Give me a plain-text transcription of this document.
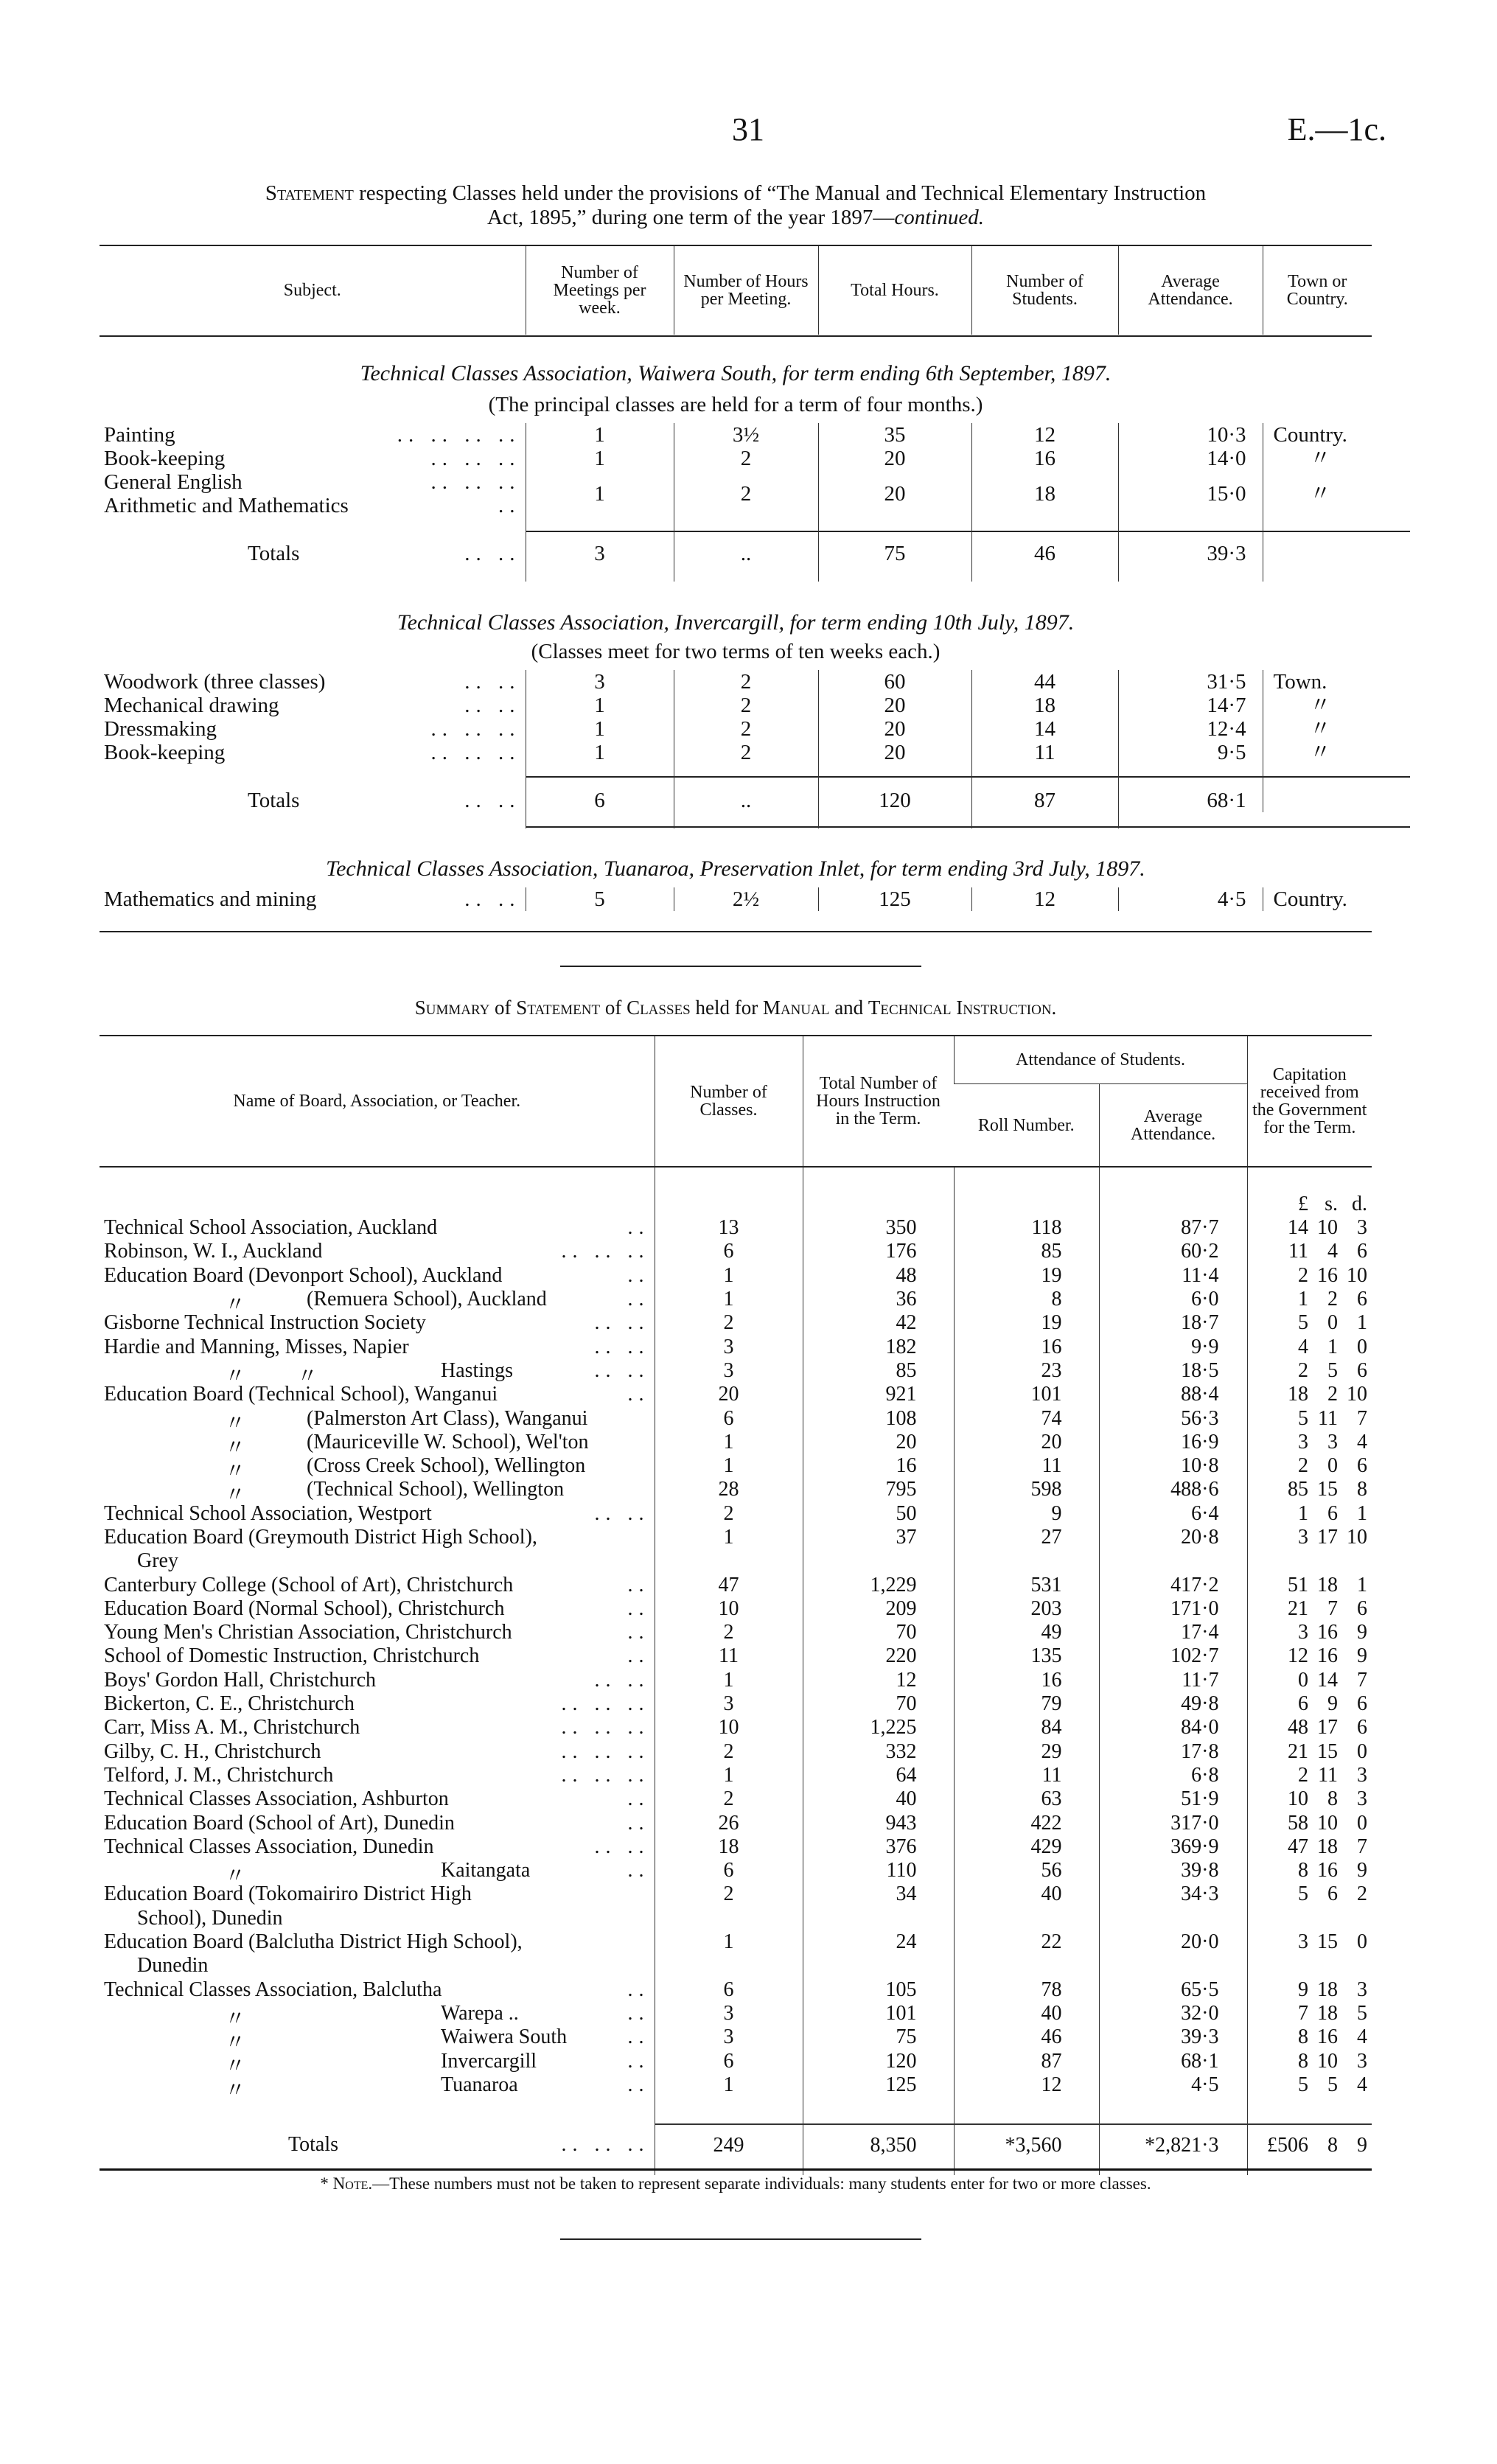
31	E.—1c.
Statement respecting Classes held under the provisions of “The Manual and Technical Elementary Instruction
Act, 1895,” during one term of the year 1897—continued.
Subject.	Number of Meetings per week.	Number of Hours per Meeting.	Total Hours.	Number of Students.	Average Attendance.	Town or Country.
Technical Classes Association, Waiwera South, for term ending 6th September, 1897.
(The principal classes are held for a term of four months.)
Painting .. .. .. ..	1	3½	35	12	10·3	Country.

Book-keeping .. .. ..	1	2	20	16	14·0	〃

General English .. .. ..
Arithmetic and Mathematics ..	1	2	20	18	15·0	〃

Totals .. ..	3	..	75	46	39·3	

Technical Classes Association, Invercargill, for term ending 10th July, 1897.
(Classes meet for two terms of ten weeks each.)
Woodwork (three classes) .. ..	3	2	60	44	31·5	Town.

Mechanical drawing .. ..	1	2	20	18	14·7	〃

Dressmaking .. .. ..	1	2	20	14	12·4	〃

Book-keeping .. .. ..	1	2	20	11	9·5	〃

Totals .. ..	6	..	120	87	68·1	

Technical Classes Association, Tuanaroa, Preservation Inlet, for term ending 3rd July, 1897.
Mathematics and mining	.. ..	5	2½	125	12	4·5	Country.
Summary of Statement of Classes held for Manual and Technical Instruction.
Name of Board, Association, or Teacher.	Number of Classes.	Total Number of Hours Instruction in the Term.	Attendance of Students.		Capitation received from the Government for the Term.
			Roll Number.	Average Attendance.	

					£ s. d.

Technical School Association, Auckland ..	13	350	118	87·7	14 10 3

Robinson, W. I., Auckland .. .. ..	6	176	85	60·2	11 4 6

Education Board (Devonport School), Auckland ..	1	48	19	11·4	2 16 10

〃 (Remuera School), Auckland ..	1	36	8	6·0	1 2 6

Gisborne Technical Instruction Society .. ..	2	42	19	18·7	5 0 1

Hardie and Manning, Misses, Napier .. ..	3	182	16	9·9	4 1 0

〃          〃 Hastings .. ..	3	85	23	18·5	2 5 6

Education Board (Technical School), Wanganui ..	20	921	101	88·4	18 2 10

〃 (Palmerston Art Class), Wanganui	6	108	74	56·3	5 11 7

〃 (Mauriceville W. School), Wel'ton	1	20	20	16·9	3 3 4

〃 (Cross Creek School), Wellington	1	16	11	10·8	2 0 6

〃 (Technical School), Wellington	28	795	598	488·6	85 15 8

Technical School Association, Westport .. ..	2	50	9	6·4	1 6 1

Education Board (Greymouth District High School),	1	37	27	20·8	3 17 10

Grey					

Canterbury College (School of Art), Christchurch ..	47	1,229	531	417·2	51 18 1

Education Board (Normal School), Christchurch ..	10	209	203	171·0	21 7 6

Young Men's Christian Association, Christchurch ..	2	70	49	17·4	3 16 9

School of Domestic Instruction, Christchurch ..	11	220	135	102·7	12 16 9

Boys' Gordon Hall, Christchurch .. ..	1	12	16	11·7	0 14 7

Bickerton, C. E., Christchurch .. .. ..	3	70	79	49·8	6 9 6

Carr, Miss A. M., Christchurch .. .. ..	10	1,225	84	84·0	48 17 6

Gilby, C. H., Christchurch .. .. ..	2	332	29	17·8	21 15 0

Telford, J. M., Christchurch .. .. ..	1	64	11	6·8	2 11 3

Technical Classes Association, Ashburton ..	2	40	63	51·9	10 8 3

Education Board (School of Art), Dunedin ..	26	943	422	317·0	58 10 0

Technical Classes Association, Dunedin .. ..	18	376	429	369·9	47 18 7

〃 Kaitangata ..	6	110	56	39·8	8 16 9

Education Board (Tokomairiro District High	2	34	40	34·3	5 6 2

School), Dunedin					

Education Board (Balclutha District High School),	1	24	22	20·0	3 15 0

Dunedin					

Technical Classes Association, Balclutha ..	6	105	78	65·5	9 18 3

〃 Warepa .. ..	3	101	40	32·0	7 18 5

〃 Waiwera South ..	3	75	46	39·3	8 16 4

〃 Invercargill ..	6	120	87	68·1	8 10 3

〃 Tuanaroa ..	1	125	12	4·5	5 5 4

Totals .. .. ..	249	8,350	*3,560	*2,821·3	£506 8 9

* Note.—These numbers must not be taken to represent separate individuals: many students enter for two or more classes.
